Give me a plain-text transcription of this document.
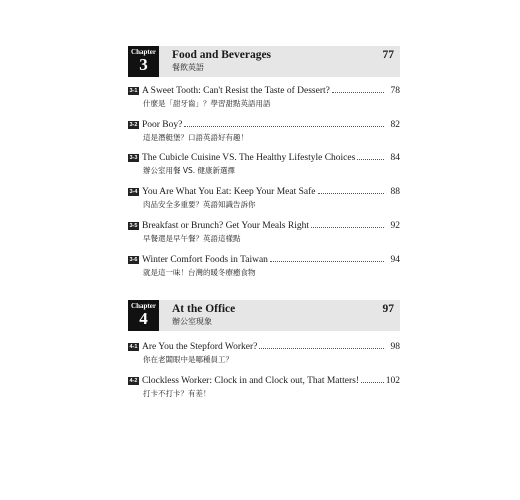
Chapter
3	Food and Beverages
餐飲英語
77
3-1 A Sweet Tooth: Can't Resist the Taste of Dessert?	78
什麼是「甜牙齒」？學習甜點英語用語
3-2 Poor Boy?	82
這是潛艇堡？口語英語好有趣！
3-3 The Cubicle Cuisine VS. The Healthy Lifestyle Choices	84
辦公室用餐 VS. 健康新選擇
3-4 You Are What You Eat: Keep Your Meat Safe	88
肉品安全多重要？英語知識告訴你
3-5 Breakfast or Brunch? Get Your Meals Right	92
早餐還是早午餐？英語這樣點
3-6 Winter Comfort Foods in Taiwan	94
就是這一味！台灣的暖冬療癒食物
Chapter
4	At the Office
辦公室現象
97
4-1 Are You the Stepford Worker?	98
你在老闆眼中是哪種員工？
4-2 Clockless Worker: Clock in and Clock out, That Matters!	102
打卡不打卡？有差！
